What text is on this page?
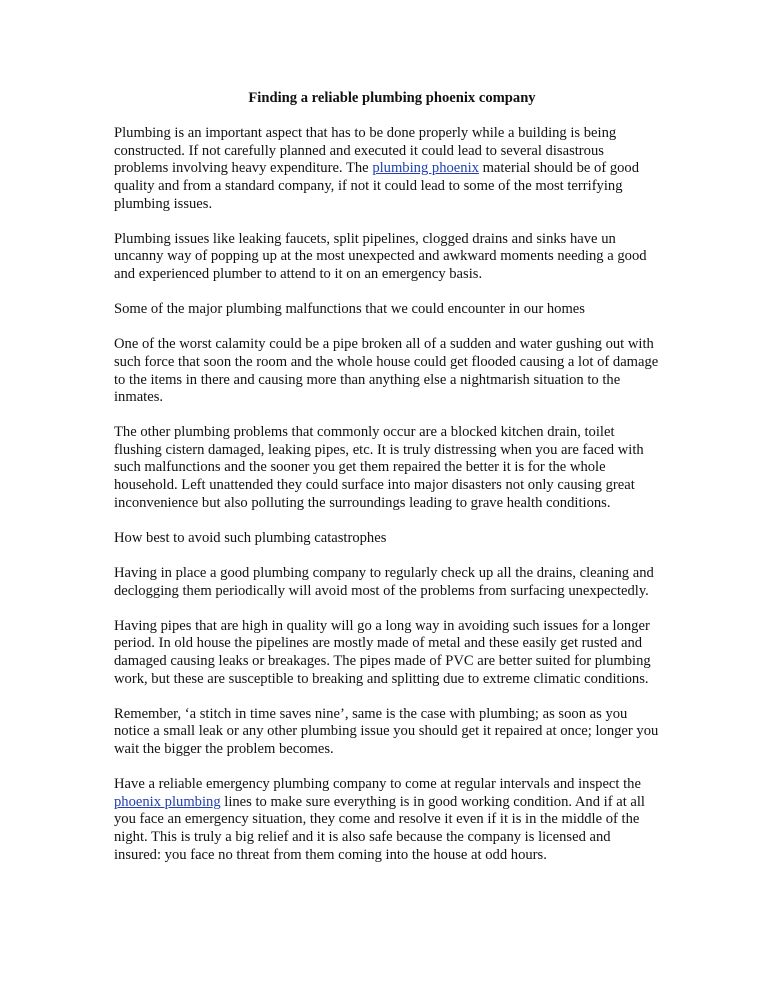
Finding a reliable plumbing phoenix company

Plumbing is an important aspect that has to be done properly while a building is being constructed. If not carefully planned and executed it could lead to several disastrous problems involving heavy expenditure. The plumbing phoenix material should be of good quality and from a standard company, if not it could lead to some of the most terrifying plumbing issues.

Plumbing issues like leaking faucets, split pipelines, clogged drains and sinks have un uncanny way of popping up at the most unexpected and awkward moments needing a good and experienced plumber to attend to it on an emergency basis.

Some of the major plumbing malfunctions that we could encounter in our homes

One of the worst calamity could be a pipe broken all of a sudden and water gushing out with such force that soon the room and the whole house could get flooded causing a lot of damage to the items in there and causing more than anything else a nightmarish situation to the inmates.

The other plumbing problems that commonly occur are a blocked kitchen drain, toilet flushing cistern damaged, leaking pipes, etc. It is truly distressing when you are faced with such malfunctions and the sooner you get them repaired the better it is for the whole household. Left unattended they could surface into major disasters not only causing great inconvenience but also polluting the surroundings leading to grave health conditions.

How best to avoid such plumbing catastrophes

Having in place a good plumbing company to regularly check up all the drains, cleaning and declogging them periodically will avoid most of the problems from surfacing unexpectedly.

Having pipes that are high in quality will go a long way in avoiding such issues for a longer period. In old house the pipelines are mostly made of metal and these easily get rusted and damaged causing leaks or breakages. The pipes made of PVC are better suited for plumbing work, but these are susceptible to breaking and splitting due to extreme climatic conditions.

Remember, ‘a stitch in time saves nine’, same is the case with plumbing; as soon as you notice a small leak or any other plumbing issue you should get it repaired at once; longer you wait the bigger the problem becomes.

Have a reliable emergency plumbing company to come at regular intervals and inspect the phoenix plumbing lines to make sure everything is in good working condition. And if at all you face an emergency situation, they come and resolve it even if it is in the middle of the night. This is truly a big relief and it is also safe because the company is licensed and insured: you face no threat from them coming into the house at odd hours.
